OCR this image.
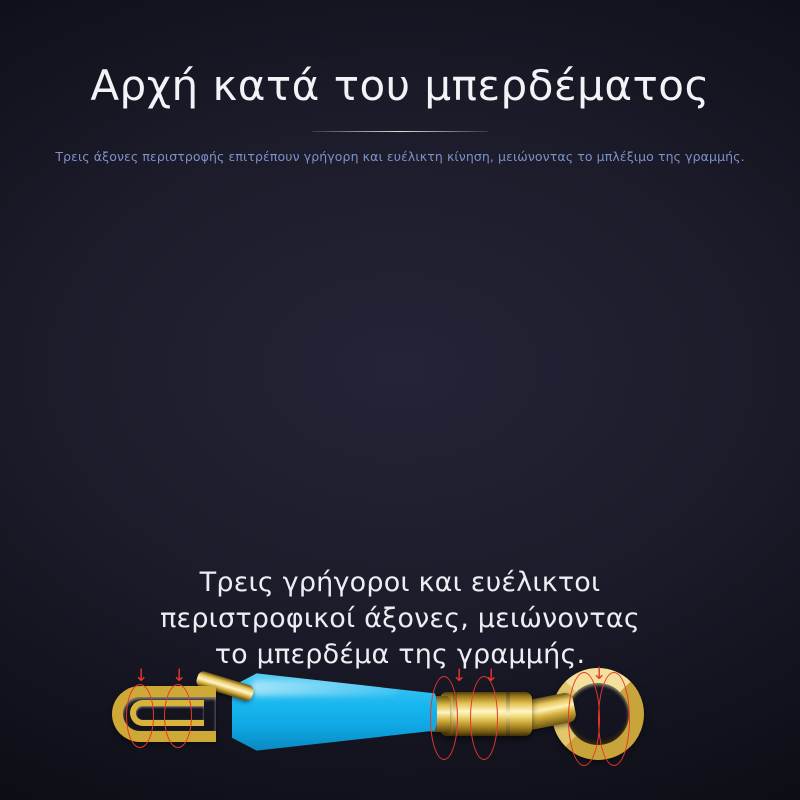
Αρχή κατά του μπερδέματος

Τρεις άξονες περιστροφής επιτρέπουν γρήγορη και ευέλικτη κίνηση, μειώνοντας το μπλέξιμο της γραμμής.

↓ ↓	↓ ↓	↓
Τρεις γρήγοροι και ευέλικτοι
περιστροφικοί άξονες, μειώνοντας
το μπερδέμα της γραμμής.
